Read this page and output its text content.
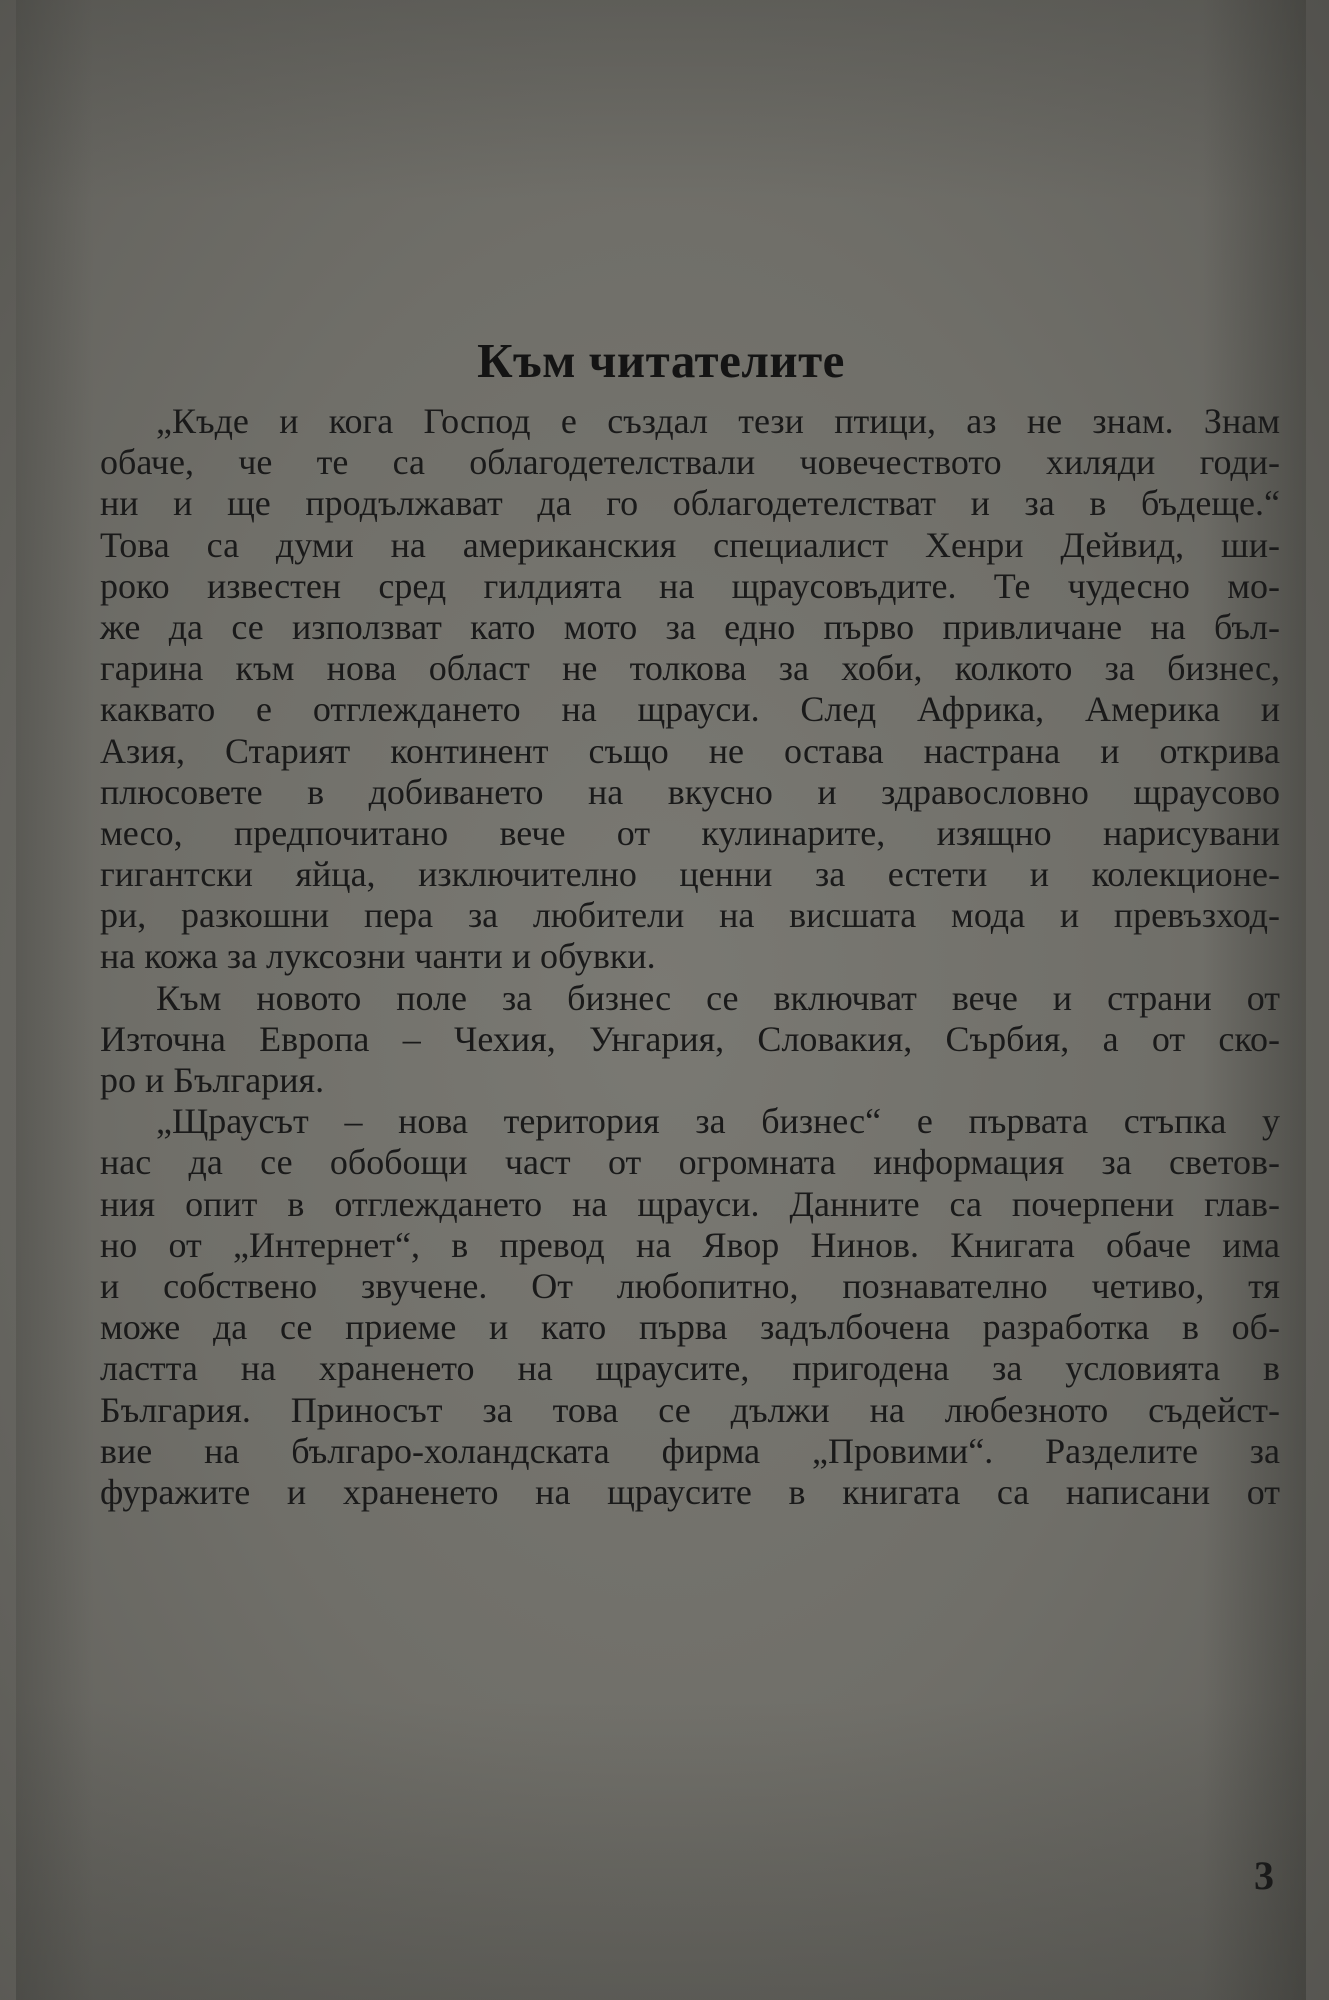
Към читателите
„Къде и кога Господ е създал тези птици, аз не знам. Знам
обаче, че те са облагодетелствали човечеството хиляди годи-
ни и ще продължават да го облагодетелстват и за в бъдеще.“
Това са думи на американския специалист Хенри Дейвид, ши-
роко известен сред гилдията на щраусовъдите. Те чудесно мо-
же да се използват като мото за едно първо привличане на бъл-
гарина към нова област не толкова за хоби, колкото за бизнес,
каквато е отглеждането на щрауси. След Африка, Америка и
Азия, Старият континент също не остава настрана и открива
плюсовете в добиването на вкусно и здравословно щраусово
месо, предпочитано вече от кулинарите, изящно нарисувани
гигантски яйца, изключително ценни за естети и колекционе-
ри, разкошни пера за любители на висшата мода и превъзход-
на кожа за луксозни чанти и обувки.
Към новото поле за бизнес се включват вече и страни от
Източна Европа – Чехия, Унгария, Словакия, Сърбия, а от ско-
ро и България.
„Щраусът – нова територия за бизнес“ е първата стъпка у
нас да се обобощи част от огромната информация за светов-
ния опит в отглеждането на щрауси. Данните са почерпени глав-
но от „Интернет“, в превод на Явор Нинов. Книгата обаче има
и собствено звучене. От любопитно, познавателно четиво, тя
може да се приеме и като първа задълбочена разработка в об-
ластта на храненето на щраусите, пригодена за условията в
България. Приносът за това се дължи на любезното съдейст-
вие на българо-холандската фирма „Провими“. Разделите за
фуражите и храненето на щраусите в книгата са написани от
3
